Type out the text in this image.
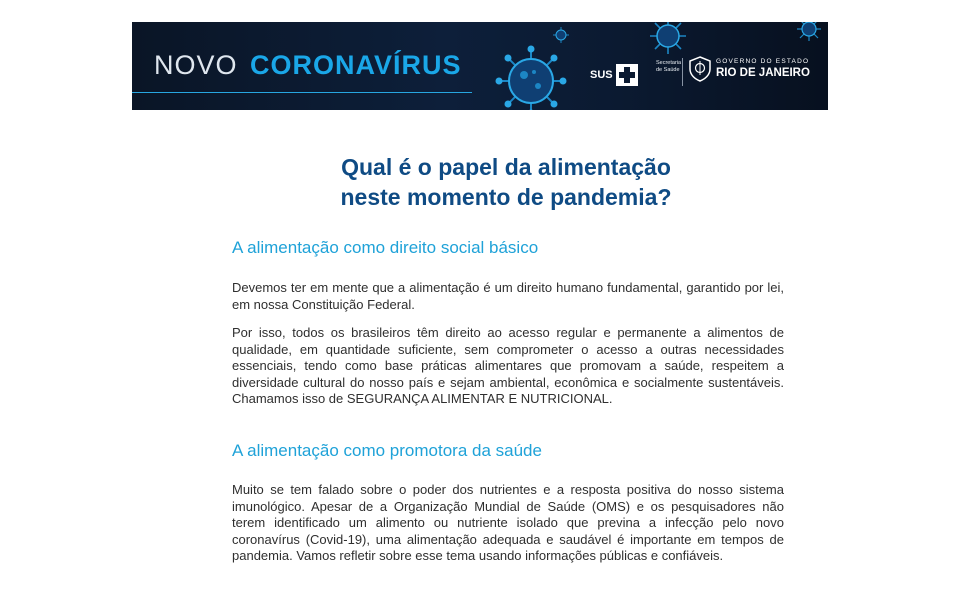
NOVO CORONAVÍRUS	SUS
Secretaria de Saúde
GOVERNO DO ESTADO
RIO DE JANEIRO
Qual é o papel da alimentação
neste momento de pandemia?
A alimentação como direito social básico

Devemos ter em mente que a alimentação é um direito humano fundamental, garantido por lei, em nossa Constituição Federal.

Por isso, todos os brasileiros têm direito ao acesso regular e permanente a alimentos de qualidade, em quantidade suficiente, sem comprometer o acesso a outras necessidades essenciais, tendo como base práticas alimentares que promovam a saúde, respeitem a diversidade cultural do nosso país e sejam ambiental, econômica e socialmente sustentáveis. Chamamos isso de SEGURANÇA ALIMENTAR E NUTRICIONAL.

A alimentação como promotora da saúde

Muito se tem falado sobre o poder dos nutrientes e a resposta positiva do nosso sistema imunológico. Apesar de a Organização Mundial de Saúde (OMS) e os pesquisadores não terem identificado um alimento ou nutriente isolado que previna a infecção pelo novo coronavírus (Covid-19), uma alimentação adequada e saudável é importante em tempos de pandemia. Vamos refletir sobre esse tema usando informações públicas e confiáveis.
